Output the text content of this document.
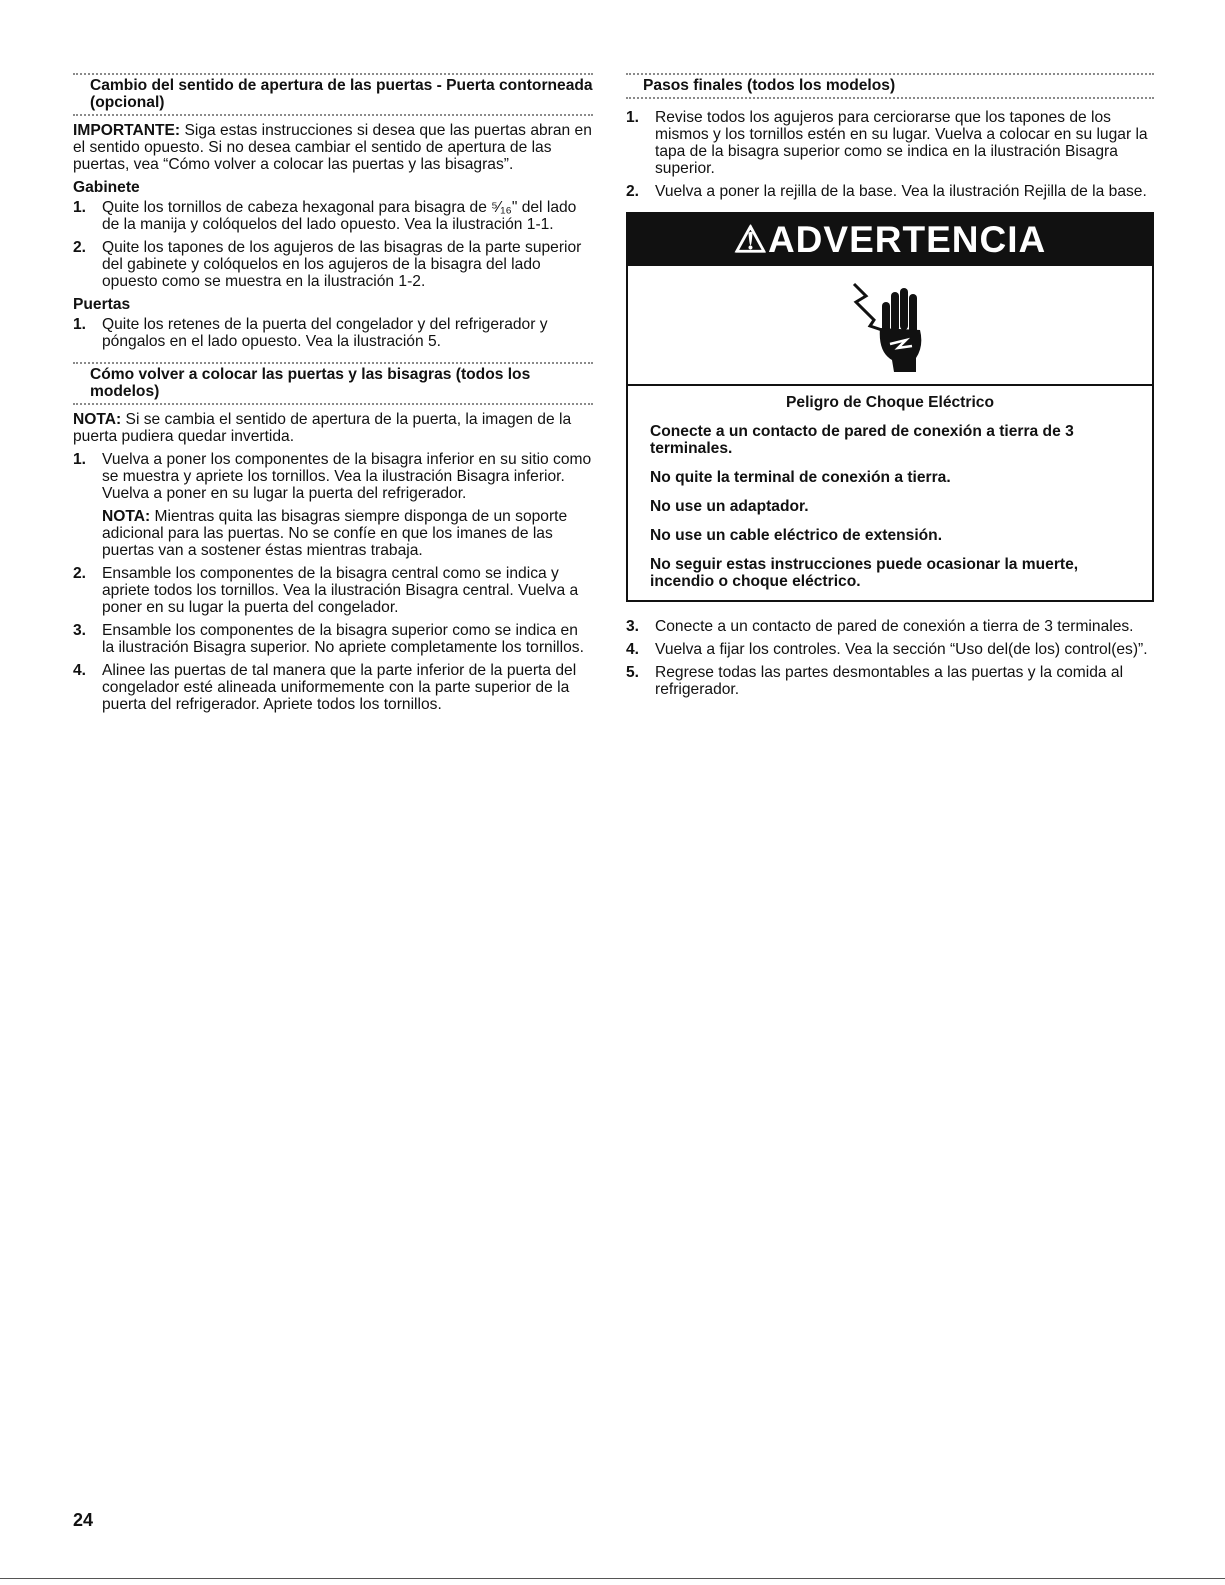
Cambio del sentido de apertura de las puertas - Puerta contorneada (opcional)

IMPORTANTE: Siga estas instrucciones si desea que las puertas abran en el sentido opuesto. Si no desea cambiar el sentido de apertura de las puertas, vea “Cómo volver a colocar las puertas y las bisagras”.

Gabinete
1.	Quite los tornillos de cabeza hexagonal para bisagra de ⁵⁄₁₆" del lado de la manija y colóquelos del lado opuesto. Vea la ilustración 1-1.
2.	Quite los tapones de los agujeros de las bisagras de la parte superior del gabinete y colóquelos en los agujeros de la bisagra del lado opuesto como se muestra en la ilustración 1-2.
Puertas
1.	Quite los retenes de la puerta del congelador y del refrigerador y póngalos en el lado opuesto. Vea la ilustración 5.
Cómo volver a colocar las puertas y las bisagras (todos los modelos)

NOTA: Si se cambia el sentido de apertura de la puerta, la imagen de la puerta pudiera quedar invertida.

1.	Vuelva a poner los componentes de la bisagra inferior en su sitio como se muestra y apriete los tornillos. Vea la ilustración Bisagra inferior. Vuelva a poner en su lugar la puerta del refrigerador.
NOTA: Mientras quita las bisagras siempre disponga de un soporte adicional para las puertas. No se confíe en que los imanes de las puertas van a sostener éstas mientras trabaja.
2.	Ensamble los componentes de la bisagra central como se indica y apriete todos los tornillos. Vea la ilustración Bisagra central. Vuelva a poner en su lugar la puerta del congelador.
3.	Ensamble los componentes de la bisagra superior como se indica en la ilustración Bisagra superior. No apriete completamente los tornillos.
4.	Alinee las puertas de tal manera que la parte inferior de la puerta del congelador esté alineada uniformemente con la parte superior de la puerta del refrigerador. Apriete todos los tornillos.
Pasos finales (todos los modelos)
1.	Revise todos los agujeros para cerciorarse que los tapones de los mismos y los tornillos estén en su lugar. Vuelva a colocar en su lugar la tapa de la bisagra superior como se indica en la ilustración Bisagra superior.
2.	Vuelva a poner la rejilla de la base. Vea la ilustración Rejilla de la base.
⚠ADVERTENCIA
Peligro de Choque Eléctrico
Conecte a un contacto de pared de conexión a tierra de 3 terminales.
No quite la terminal de conexión a tierra.
No use un adaptador.
No use un cable eléctrico de extensión.
No seguir estas instrucciones puede ocasionar la muerte, incendio o choque eléctrico.
3.	Conecte a un contacto de pared de conexión a tierra de 3 terminales.
4.	Vuelva a fijar los controles. Vea la sección “Uso del(de los) control(es)”.
5.	Regrese todas las partes desmontables a las puertas y la comida al refrigerador.
24
